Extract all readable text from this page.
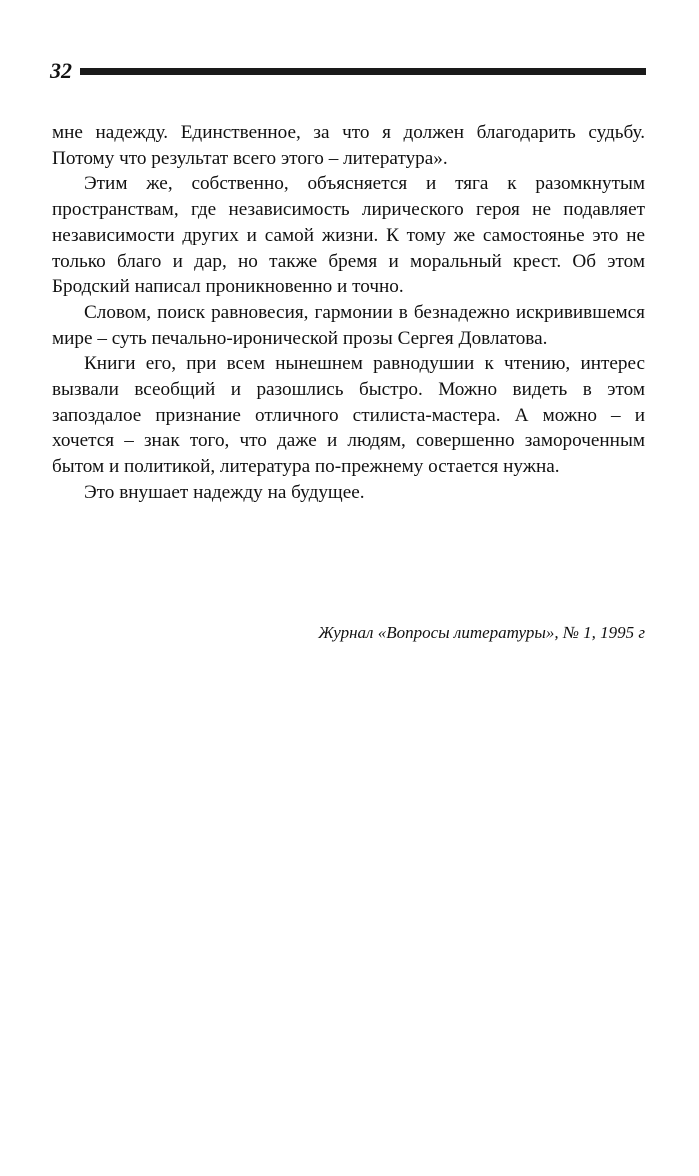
32

мне надежду. Единственное, за что я должен благодарить судьбу. Потому что результат всего этого – литература».

Этим же, собственно, объясняется и тяга к разомкнутым пространствам, где независимость лирического героя не подавляет независимости других и самой жизни. К тому же самостоянье это не только благо и дар, но также бремя и моральный крест. Об этом Бродский написал проникновенно и точно.

Словом, поиск равновесия, гармонии в безнадежно искривившемся мире – суть печально-иронической прозы Сергея Довлатова.

Книги его, при всем нынешнем равнодушии к чтению, интерес вызвали всеобщий и разошлись быстро. Можно видеть в этом запоздалое признание отличного стилиста-мастера. А можно – и хочется – знак того, что даже и людям, совершенно замороченным бытом и политикой, литература по-прежнему остается нужна.

Это внушает надежду на будущее.

Журнал «Вопросы литературы», № 1, 1995 г
